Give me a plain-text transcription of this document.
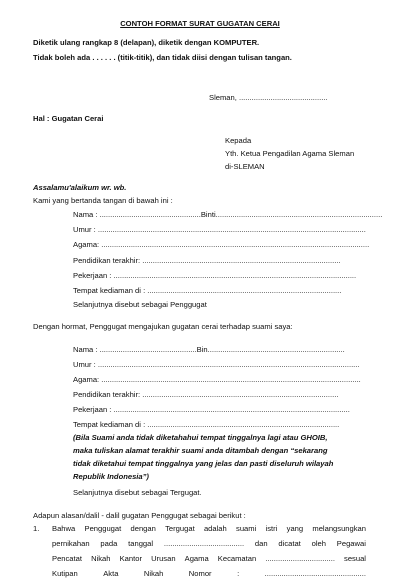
CONTOH FORMAT SURAT GUGATAN CERAI
Diketik ulang rangkap 8 (delapan), diketik dengan KOMPUTER.
Tidak boleh ada . . . . . . (titik-titik), dan tidak diisi dengan tulisan tangan.
Sleman, ..........................................
Hal : Gugatan Cerai
Kepada
Yth. Ketua Pengadilan Agama Sleman
di-SLEMAN
Assalamu'alaikum wr. wb.
Kami yang bertanda tangan di bawah ini :
Nama : ................................................Binti...............................................................................
Umur : ...............................................................................................................................
Agama: ...............................................................................................................................
Pendidikan terakhir: ..............................................................................................
Pekerjaan : ...................................................................................................................
Tempat kediaman di : ............................................................................................
Selanjutnya disebut sebagai Penggugat
Dengan hormat, Penggugat mengajukan gugatan cerai terhadap suami saya:
Nama : ..............................................Bin.................................................................
Umur : ............................................................................................................................
Agama: ...........................................................................................................................
Pendidikan terakhir: .............................................................................................
Pekerjaan : ................................................................................................................
Tempat kediaman di : ...........................................................................................
(Bila Suami anda tidak diketahahui tempat tinggalnya lagi atau GHOIB,
maka tuliskan alamat terakhir suami anda ditambah dengan “sekarang
tidak diketahui tempat tinggalnya yang jelas dan pasti diseluruh wilayah
Republik Indonesia”)
Selanjutnya disebut sebagai Tergugat.
Adapun alasan/dalil - dalil gugatan Penggugat sebagai berikut :
1. Bahwa Penggugat dengan Tergugat adalah suami istri yang melangsungkan
pernikahan pada tanggal ...................................... dan dicatat oleh Pegawai
Pencatat Nikah Kantor Urusan Agama Kecamatan ................................. sesual
Kutipan	Akta	Nikah	Nomor	:	................................................
